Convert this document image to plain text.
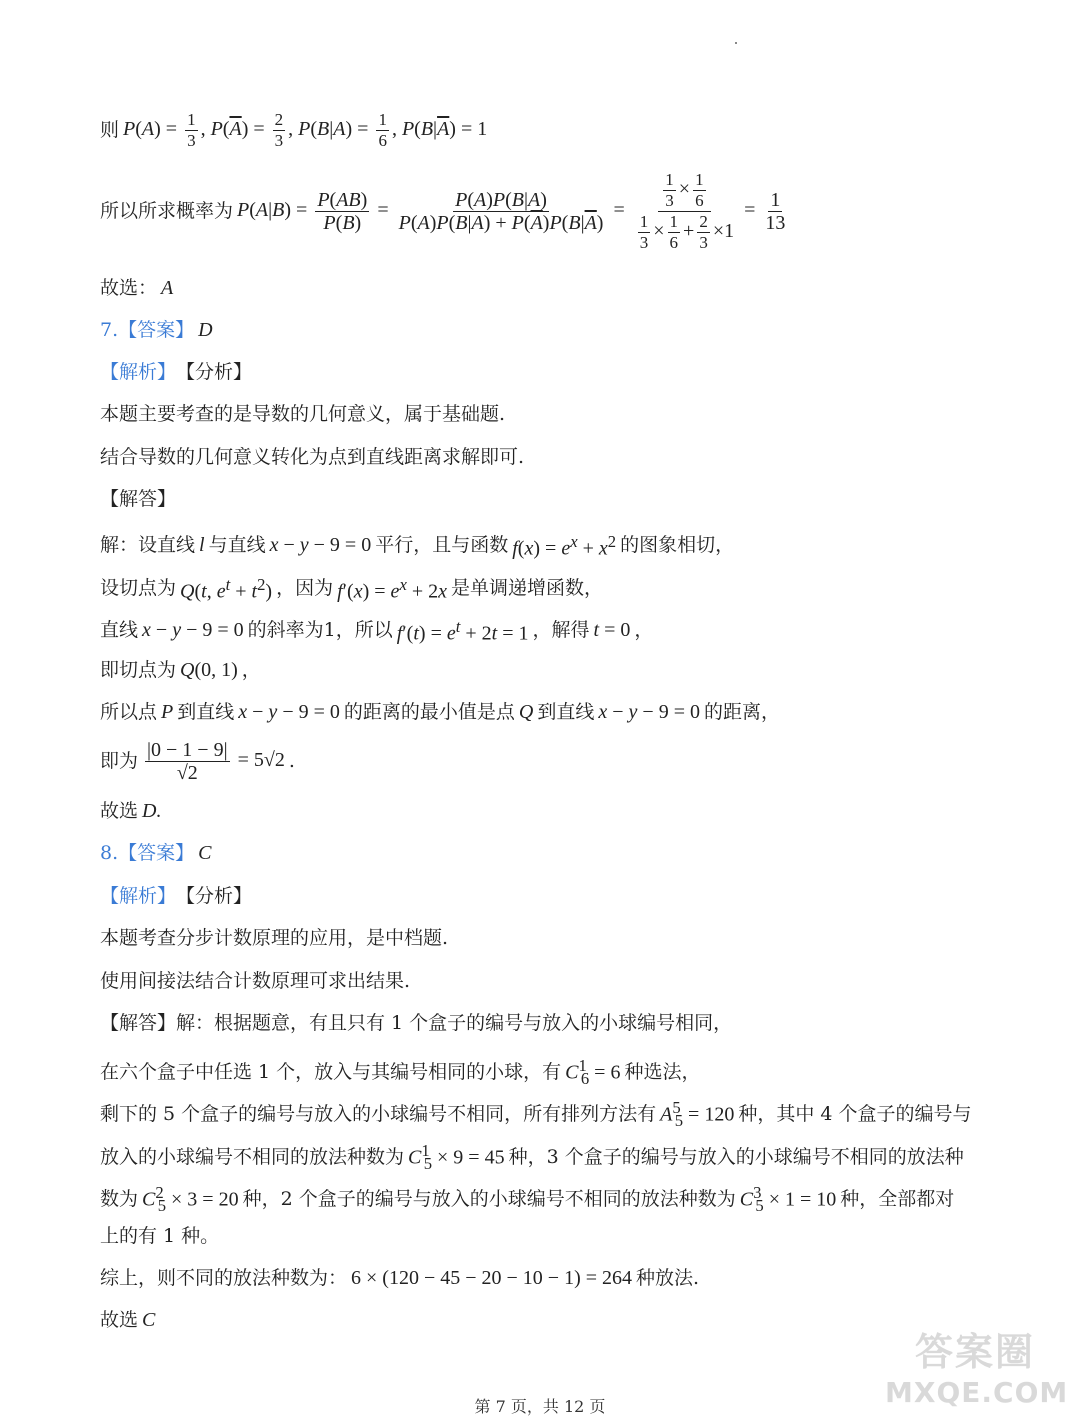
则 $P(A) = \frac{1}{3}$ , $P(\overline{A}) = \frac{2}{3}$ , $P(B|A) = \frac{1}{6}$ , $P(B|\overline{A}) = 1$
所以所求概率为 $P(A|B) = \frac{P(AB)}{P(B)} = \frac{P(A)P(B|A)}{P(A)P(B|A) + P(\overline{A})P(B|\overline{A})} = \frac{\frac{1}{3} \times \frac{1}{6}}{\frac{1}{3} \times \frac{1}{6} + \frac{2}{3} \times 1} = \frac{1}{13}$
故选： A
7. 【答案】 D
【解析】 【分析】
本题主要考查的是导数的几何意义，属于基础题.
结合导数的几何意义转化为点到直线距离求解即可.
【解答】
解：设直线 l 与直线 x − y − 9 = 0 平行，且与函数 $f(x) = e^x + x^2$ 的图象相切，
设切点为 Q(t, $e^t + t^2$) ，因为 $f'(x) = e^x + 2x$ 是单调递增函数，
直线 x − y − 9 = 0 的斜率为1，所以 $f'(t) = e^t + 2t = 1$ ，解得 t = 0 ，
即切点为 Q(0, 1) ，
所以点 P 到直线 x − y − 9 = 0 的距离的最小值是点 Q 到直线 x − y − 9 = 0 的距离，
即为 $\frac{|0 - 1 - 9|}{√2} = 5√2$ .
故选 D.
8. 【答案】 C
【解析】 【分析】
本题考查分步计数原理的应用，是中档题.
使用间接法结合计数原理可求出结果.
【解答】解：根据题意，有且只有 1 个盒子的编号与放入的小球编号相同，
在六个盒子中任选 1 个，放入与其编号相同的小球，有 $C^1_6 = 6$ 种选法，
剩下的 5 个盒子的编号与放入的小球编号不相同，所有排列方法有 $A^5_5 = 120$ 种，其中 4 个盒子的编号与
放入的小球编号不相同的放法种数为 $C^1_5 \times 9 = 45$ 种，3 个盒子的编号与放入的小球编号不相同的放法种
数为 $C^2_5 \times 3 = 20$ 种，2 个盒子的编号与放入的小球编号不相同的放法种数为 $C^3_5 \times 1 = 10$ 种，全部都对
上的有 1 种。
综上，则不同的放法种数为： 6 × (120 − 45 − 20 − 10 − 1) = 264 种放法.
故选 C
答案圈
MXQE.COM
第 7 页，共 12 页
